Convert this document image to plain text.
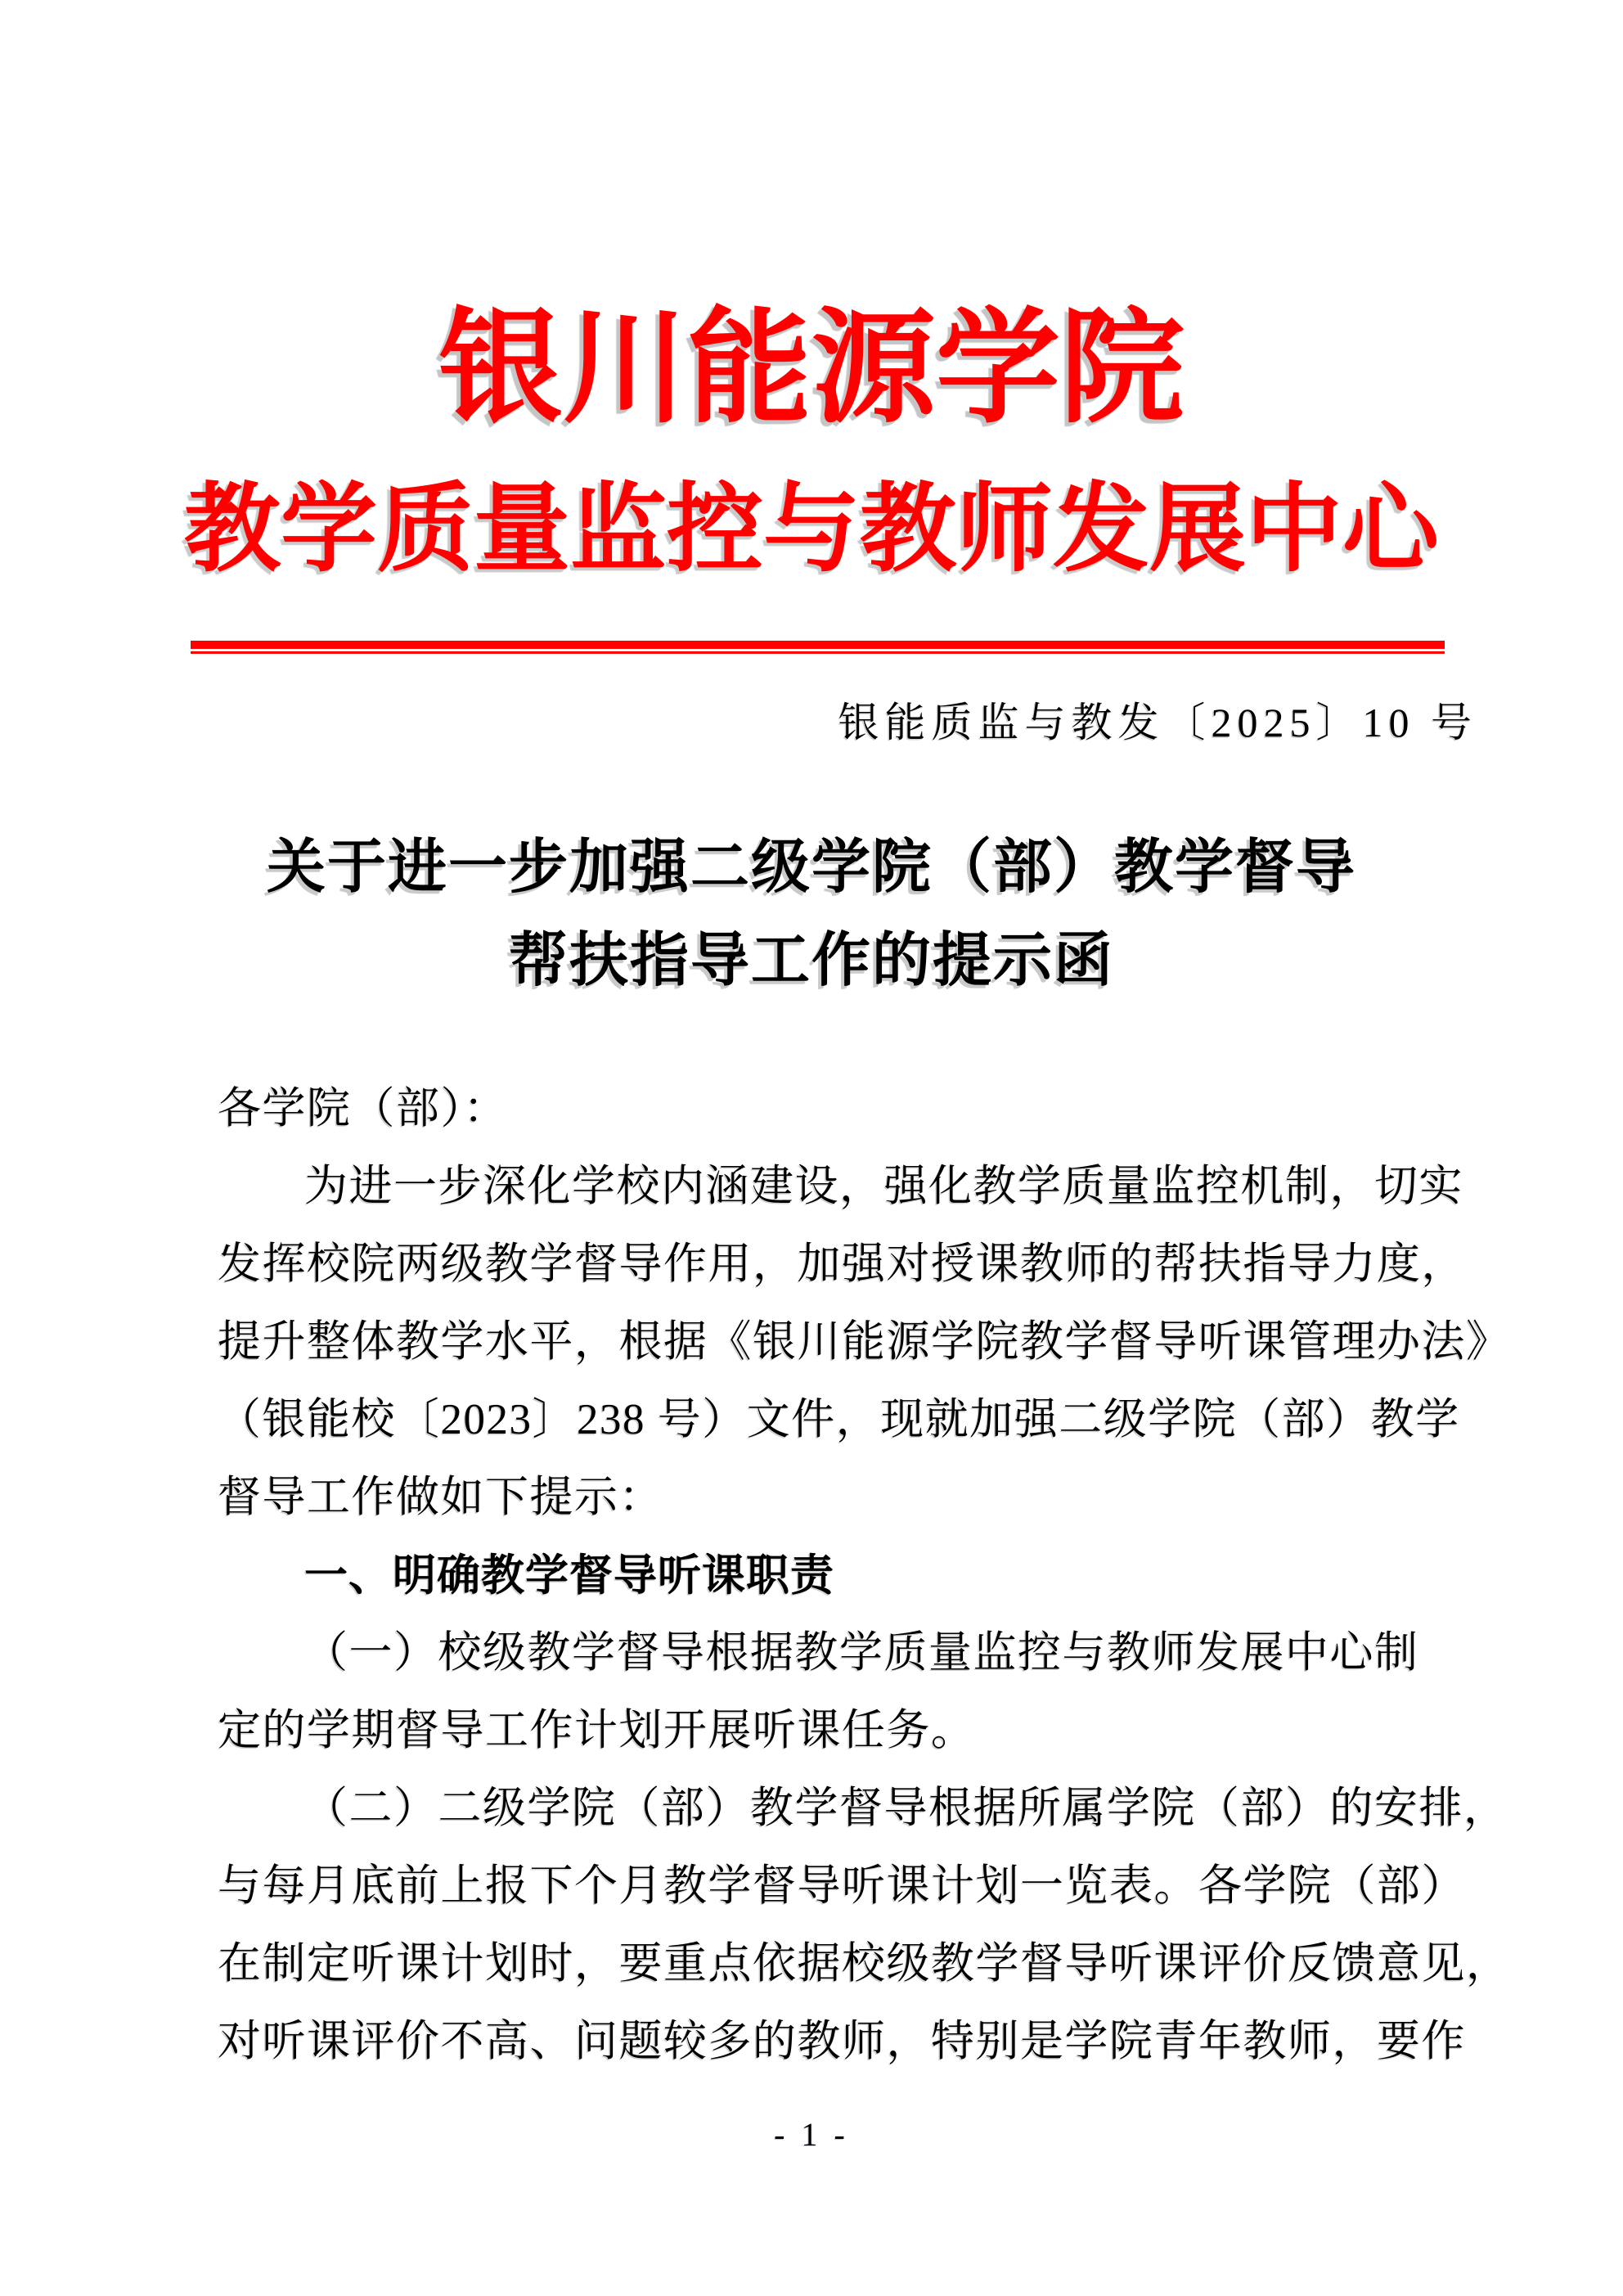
银川能源学院
教学质量监控与教师发展中心
银能质监与教发〔2025〕10 号
关于进一步加强二级学院（部）教学督导
帮扶指导工作的提示函
各学院（部）：
为进一步深化学校内涵建设，强化教学质量监控机制，切实
发挥校院两级教学督导作用，加强对授课教师的帮扶指导力度，
提升整体教学水平，根据《银川能源学院教学督导听课管理办法》
（银能校〔2023〕238 号）文件，现就加强二级学院（部）教学
督导工作做如下提示：
一、明确教学督导听课职责
（一）校级教学督导根据教学质量监控与教师发展中心制
定的学期督导工作计划开展听课任务。
（二）二级学院（部）教学督导根据所属学院（部）的安排，
与每月底前上报下个月教学督导听课计划一览表。各学院（部）
在制定听课计划时，要重点依据校级教学督导听课评价反馈意见，
对听课评价不高、问题较多的教师，特别是学院青年教师，要作
- 1 -
